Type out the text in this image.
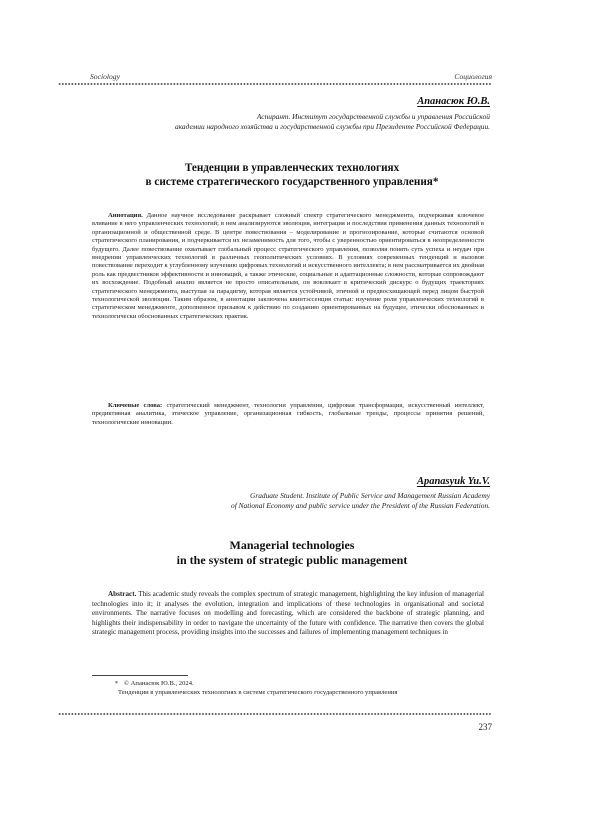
Sociology	Социология
Апанасюк Ю.В.
Аспирант. Институт государственной службы и управления Российской
академии народного хозяйства и государственной службы при Президенте Российской Федерации.
Тенденции в управленческих технологиях
в системе стратегического государственного управления*
Аннотация. Данное научное исследование раскрывает сложный спектр стратегического менеджмента, подчеркивая ключевое вливание в него управленческих технологий; в нем анализируются эволюция, интеграция и последствия применения данных технологий в организационной и общественной среде. В центре повествования – моделирование и прогнозирование, которые считаются основой стратегического планирования, и подчеркивается их незаменимость для того, чтобы с уверенностью ориентироваться в неопределенности будущего. Далее повествование охватывает глобальный процесс стратегического управления, позволяя понять суть успеха и неудач при внедрении управленческих технологий в различных геополитических условиях. В условиях современных тенденций и вызовов повествование переходит к углубленному изучению цифровых технологий и искусственного интеллекта; в нем рассматривается их двойная роль как предвестников эффективности и инноваций, а также этические, социальные и адаптационные сложности, которые сопровождают их восхождение. Подобный анализ является не просто описательным, он вовлекает в критический дискурс о будущих траекториях стратегического менеджмента, выступая за парадигму, которая является устойчивой, этичной и предвосхищающей перед лицом быстрой технологической эволюции. Таким образом, в аннотации заключена квинтэссенция статьи: изучение роли управленческих технологий в стратегическом менеджменте, дополненное призывом к действию по созданию ориентированных на будущее, этически обоснованных и технологически обоснованных стратегических практик.
Ключевые слова: стратегический менеджмент, технологии управления, цифровая трансформация, искусственный интеллект, предиктивная аналитика, этическое управление, организационная гибкость, глобальные тренды, процессы принятия решений, технологические инновации.
Apanasyuk Yu.V.
Graduate Student. Institute of Public Service and Management Russian Academy
of National Economy and public service under the President of the Russian Federation.
Managerial technologies
in the system of strategic public management
Abstract. This academic study reveals the complex spectrum of strategic management, highlighting the key infusion of managerial technologies into it; it analyses the evolution, integration and implications of these technologies in organisational and societal environments. The narrative focuses on modelling and forecasting, which are considered the backbone of strategic planning, and highlights their indispensability in order to navigate the uncertainty of the future with confidence. The narrative then covers the global strategic management process, providing insights into the successes and failures of implementing management techniques in
* © Апанасюк Ю.В., 2024.
Тенденции в управленческих технологиях в системе стратегического государственного управления
237
